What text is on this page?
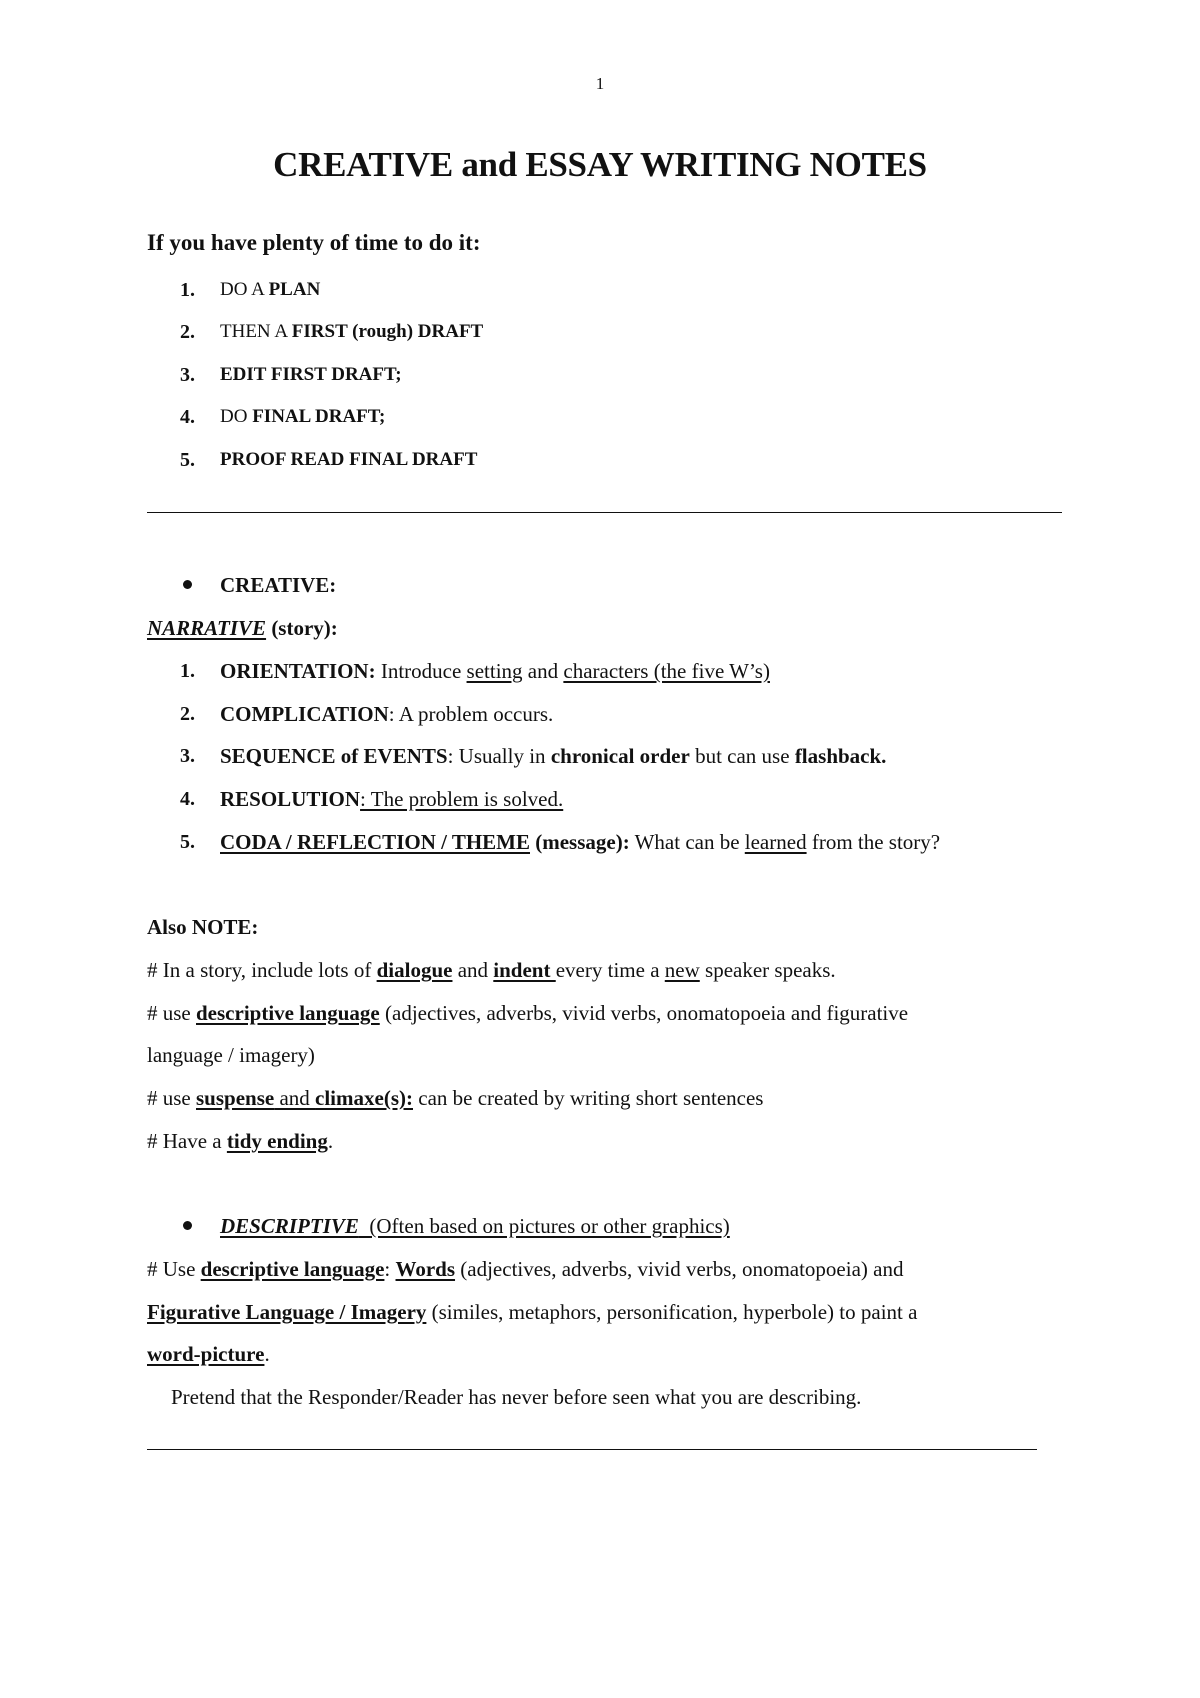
1
CREATIVE and ESSAY WRITING NOTES
If you have plenty of time to do it:
1. DO A PLAN
2. THEN A FIRST (rough) DRAFT
3. EDIT FIRST DRAFT;
4. DO FINAL DRAFT;
5. PROOF READ FINAL DRAFT
CREATIVE:
NARRATIVE (story):
1. ORIENTATION: Introduce setting and characters (the five W’s)
2. COMPLICATION: A problem occurs.
3. SEQUENCE of EVENTS: Usually in chronical order but can use flashback.
4. RESOLUTION: The problem is solved.
5. CODA / REFLECTION / THEME (message): What can be learned from the story?
Also NOTE:
# In a story, include lots of dialogue and indent every time a new speaker speaks.
# use descriptive language (adjectives, adverbs, vivid verbs, onomatopoeia and figurative
language / imagery)
# use suspense and climaxe(s): can be created by writing short sentences
# Have a tidy ending.
DESCRIPTIVE  (Often based on pictures or other graphics)
# Use descriptive language: Words (adjectives, adverbs, vivid verbs, onomatopoeia) and
Figurative Language / Imagery (similes, metaphors, personification, hyperbole) to paint a
word-picture.
Pretend that the Responder/Reader has never before seen what you are describing.
